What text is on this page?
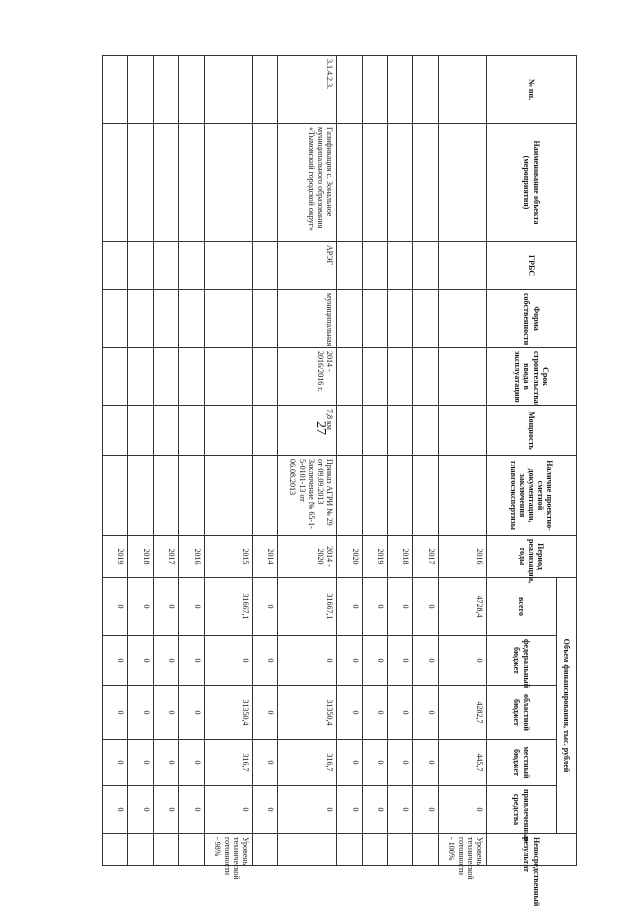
27
№ пп.	Наименование объекта (мероприятия)	ГРБС	Форма собственности	Срок строительства/ввода в эксплуатацию	Мощность	Наличие проектно-сметной документации, заключения главгосэкспертизы	Период реализации, годы	Объем финансирования, тыс. рублей					Непосредственный результат
								всего	федеральный бюджет	областной бюджет	местный бюджет	привлеченные средства	
							2016	4728,4	0	4282,7	445,7	0	Уровень технической готовности - 100%
							2017	0	0	0	0	0	
							2018	0	0	0	0	0	
							2019	0	0	0	0	0	
							2020	0	0	0	0	0	
3.1.4.2.3.	Газификация с. Зональное муниципального образования «Тымовский городской округ»	АРЭГ	муниципальная	2014 - 2016/2016 г.	7,8 км	Приказ АГРИ № 29 от 09.09.2013 Заключение № 65-1-5-0101-13 от 06.08.2013	2014 - 2020	31667,1	0	31350,4	316,7	0	
							2014	0	0	0	0	0	
							2015	31667,1	0	31350,4	316,7	0	Уровень технической готовности - 98%
							2016	0	0	0	0	0	
							2017	0	0	0	0	0	
							2018	0	0	0	0	0	
							2019	0	0	0	0	0	
